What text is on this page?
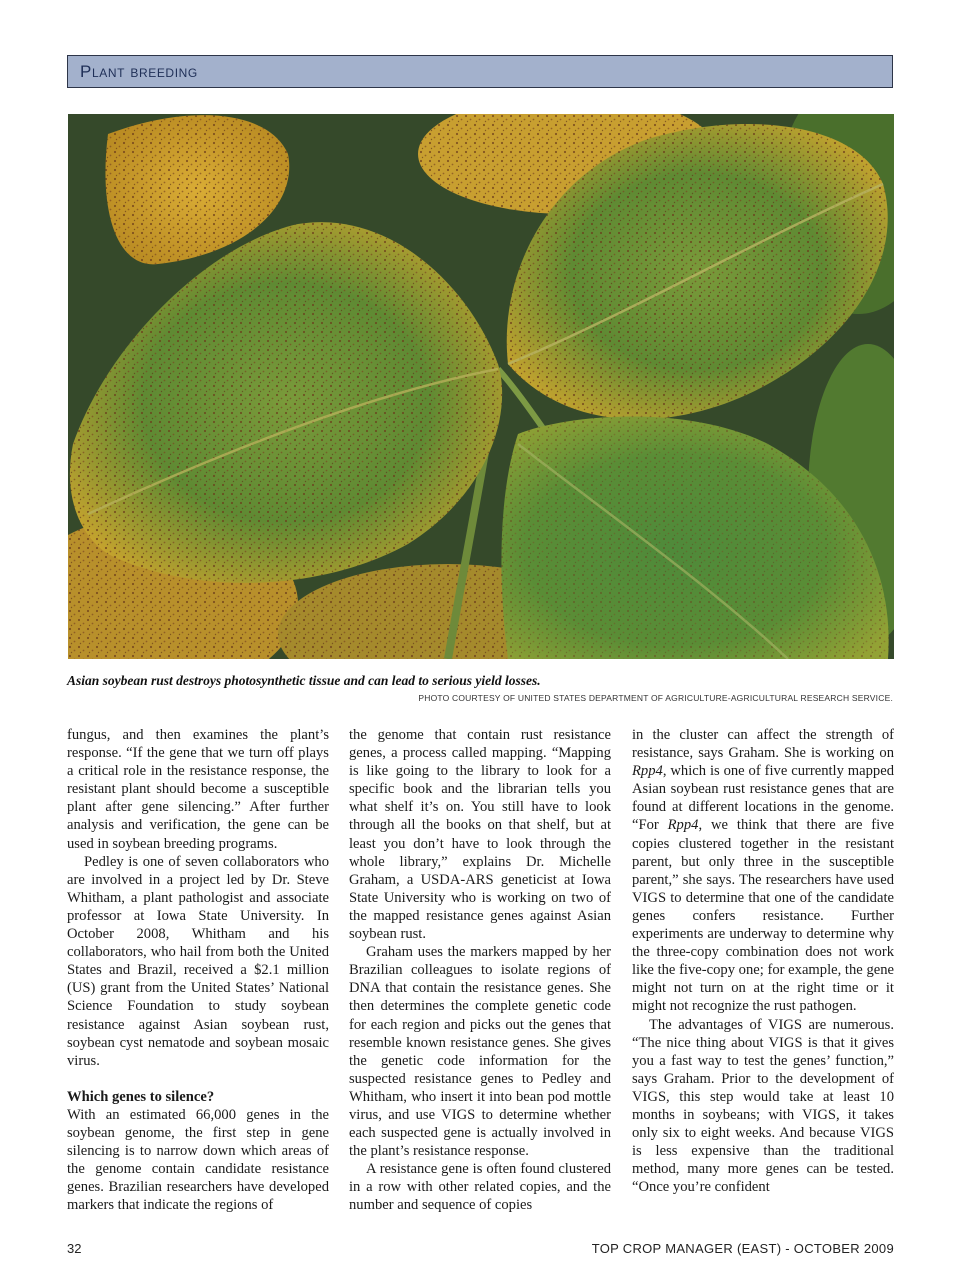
Plant breeding
Asian soybean rust destroys photosynthetic tissue and can lead to serious yield losses.
PHOTO COURTESY OF UNITED STATES DEPARTMENT OF AGRICULTURE-AGRICULTURAL RESEARCH SERVICE.

fungus, and then examines the plant’s response. “If the gene that we turn off plays a critical role in the resistance response, the resistant plant should become a susceptible plant after gene silencing.” After further analysis and verification, the gene can be used in soybean breeding programs.

Pedley is one of seven collaborators who are involved in a project led by Dr. Steve Whitham, a plant pathologist and associate professor at Iowa State University. In October 2008, Whitham and his collaborators, who hail from both the United States and Brazil, received a $2.1 million (US) grant from the United States’ National Science Foundation to study soybean resistance against Asian soybean rust, soybean cyst nematode and soybean mosaic virus.

Which genes to silence?

With an estimated 66,000 genes in the soybean genome, the first step in gene silencing is to narrow down which areas of the genome contain candidate resistance genes. Brazilian researchers have developed markers that indicate the regions of

the genome that contain rust resistance genes, a process called mapping. “Mapping is like going to the library to look for a specific book and the librarian tells you what shelf it’s on. You still have to look through all the books on that shelf, but at least you don’t have to look through the whole library,” explains Dr. Michelle Graham, a USDA-ARS geneticist at Iowa State University who is working on two of the mapped resistance genes against Asian soybean rust.

Graham uses the markers mapped by her Brazilian colleagues to isolate regions of DNA that contain the resistance genes. She then determines the complete genetic code for each region and picks out the genes that resemble known resistance genes. She gives the genetic code information for the suspected resistance genes to Pedley and Whitham, who insert it into bean pod mottle virus, and use VIGS to determine whether each suspected gene is actually involved in the plant’s resistance response.

A resistance gene is often found clustered in a row with other related copies, and the number and sequence of copies

in the cluster can affect the strength of resistance, says Graham. She is working on Rpp4, which is one of five currently mapped Asian soybean rust resistance genes that are found at different locations in the genome. “For Rpp4, we think that there are five copies clustered together in the resistant parent, but only three in the susceptible parent,” she says. The researchers have used VIGS to determine that one of the candidate genes confers resistance. Further experiments are underway to determine why the three-copy combination does not work like the five-copy one; for example, the gene might not turn on at the right time or it might not recognize the rust pathogen.

The advantages of VIGS are numerous. “The nice thing about VIGS is that it gives you a fast way to test the genes’ function,” says Graham. Prior to the development of VIGS, this step would take at least 10 months in soybeans; with VIGS, it takes only six to eight weeks. And because VIGS is less expensive than the traditional method, many more genes can be tested. “Once you’re confident

32	TOP CROP MANAGER (EAST) - OCTOBER 2009
